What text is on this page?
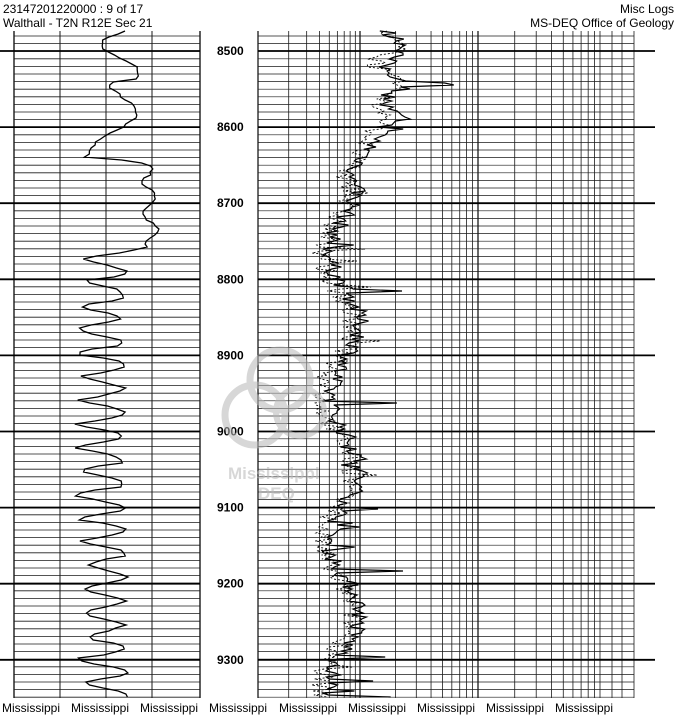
23147201220000 : 9 of 17
Walthall - T2N R12E Sec 21
Misc Logs
MS-DEQ Office of Geology
8500
8600
8700
8800
8900
9000
9100
9200
9300
Mississippi
DEQ
Mississippi Mississippi Mississippi Mississippi Mississippi Mississippi Mississippi Mississippi Mississippi
